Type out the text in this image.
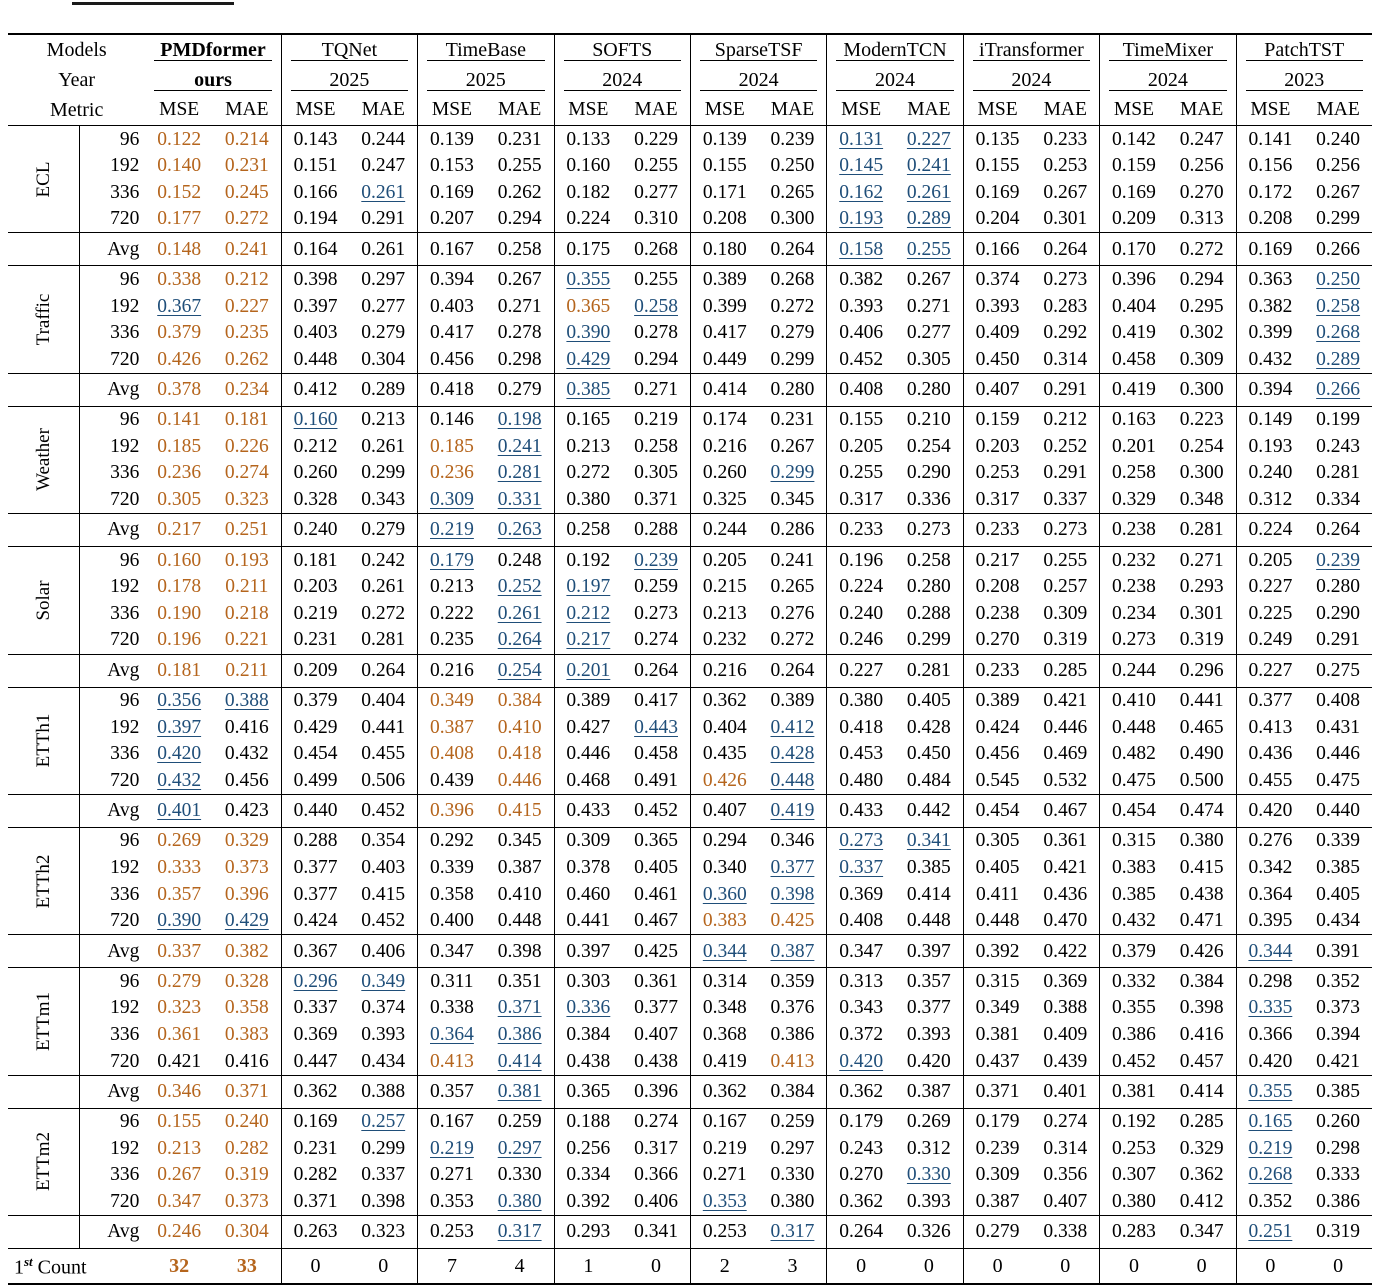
Models		PMDformer		TQNet		TimeBase		SOFTS		SparseTSF		ModernTCN		iTransformer		TimeMixer		PatchTST	

Year		ours		2025		2025		2024		2024		2024		2024		2024		2023	

Metric		MSE	MAE	MSE	MAE	MSE	MAE	MSE	MAE	MSE	MAE	MSE	MAE	MSE	MAE	MSE	MAE	MSE	MAE

ECL	96	0.122	0.214	0.143	0.244	0.139	0.231	0.133	0.229	0.139	0.239	0.131	0.227	0.135	0.233	0.142	0.247	0.141	0.240
	192	0.140	0.231	0.151	0.247	0.153	0.255	0.160	0.255	0.155	0.250	0.145	0.241	0.155	0.253	0.159	0.256	0.156	0.256
	336	0.152	0.245	0.166	0.261	0.169	0.262	0.182	0.277	0.171	0.265	0.162	0.261	0.169	0.267	0.169	0.270	0.172	0.267
	720	0.177	0.272	0.194	0.291	0.207	0.294	0.224	0.310	0.208	0.300	0.193	0.289	0.204	0.301	0.209	0.313	0.208	0.299

	Avg	0.148	0.241	0.164	0.261	0.167	0.258	0.175	0.268	0.180	0.264	0.158	0.255	0.166	0.264	0.170	0.272	0.169	0.266

Traffic	96	0.338	0.212	0.398	0.297	0.394	0.267	0.355	0.255	0.389	0.268	0.382	0.267	0.374	0.273	0.396	0.294	0.363	0.250
	192	0.367	0.227	0.397	0.277	0.403	0.271	0.365	0.258	0.399	0.272	0.393	0.271	0.393	0.283	0.404	0.295	0.382	0.258
	336	0.379	0.235	0.403	0.279	0.417	0.278	0.390	0.278	0.417	0.279	0.406	0.277	0.409	0.292	0.419	0.302	0.399	0.268
	720	0.426	0.262	0.448	0.304	0.456	0.298	0.429	0.294	0.449	0.299	0.452	0.305	0.450	0.314	0.458	0.309	0.432	0.289

	Avg	0.378	0.234	0.412	0.289	0.418	0.279	0.385	0.271	0.414	0.280	0.408	0.280	0.407	0.291	0.419	0.300	0.394	0.266

Weather	96	0.141	0.181	0.160	0.213	0.146	0.198	0.165	0.219	0.174	0.231	0.155	0.210	0.159	0.212	0.163	0.223	0.149	0.199
	192	0.185	0.226	0.212	0.261	0.185	0.241	0.213	0.258	0.216	0.267	0.205	0.254	0.203	0.252	0.201	0.254	0.193	0.243
	336	0.236	0.274	0.260	0.299	0.236	0.281	0.272	0.305	0.260	0.299	0.255	0.290	0.253	0.291	0.258	0.300	0.240	0.281
	720	0.305	0.323	0.328	0.343	0.309	0.331	0.380	0.371	0.325	0.345	0.317	0.336	0.317	0.337	0.329	0.348	0.312	0.334

	Avg	0.217	0.251	0.240	0.279	0.219	0.263	0.258	0.288	0.244	0.286	0.233	0.273	0.233	0.273	0.238	0.281	0.224	0.264

Solar	96	0.160	0.193	0.181	0.242	0.179	0.248	0.192	0.239	0.205	0.241	0.196	0.258	0.217	0.255	0.232	0.271	0.205	0.239
	192	0.178	0.211	0.203	0.261	0.213	0.252	0.197	0.259	0.215	0.265	0.224	0.280	0.208	0.257	0.238	0.293	0.227	0.280
	336	0.190	0.218	0.219	0.272	0.222	0.261	0.212	0.273	0.213	0.276	0.240	0.288	0.238	0.309	0.234	0.301	0.225	0.290
	720	0.196	0.221	0.231	0.281	0.235	0.264	0.217	0.274	0.232	0.272	0.246	0.299	0.270	0.319	0.273	0.319	0.249	0.291

	Avg	0.181	0.211	0.209	0.264	0.216	0.254	0.201	0.264	0.216	0.264	0.227	0.281	0.233	0.285	0.244	0.296	0.227	0.275

ETTh1	96	0.356	0.388	0.379	0.404	0.349	0.384	0.389	0.417	0.362	0.389	0.380	0.405	0.389	0.421	0.410	0.441	0.377	0.408
	192	0.397	0.416	0.429	0.441	0.387	0.410	0.427	0.443	0.404	0.412	0.418	0.428	0.424	0.446	0.448	0.465	0.413	0.431
	336	0.420	0.432	0.454	0.455	0.408	0.418	0.446	0.458	0.435	0.428	0.453	0.450	0.456	0.469	0.482	0.490	0.436	0.446
	720	0.432	0.456	0.499	0.506	0.439	0.446	0.468	0.491	0.426	0.448	0.480	0.484	0.545	0.532	0.475	0.500	0.455	0.475

	Avg	0.401	0.423	0.440	0.452	0.396	0.415	0.433	0.452	0.407	0.419	0.433	0.442	0.454	0.467	0.454	0.474	0.420	0.440

ETTh2	96	0.269	0.329	0.288	0.354	0.292	0.345	0.309	0.365	0.294	0.346	0.273	0.341	0.305	0.361	0.315	0.380	0.276	0.339
	192	0.333	0.373	0.377	0.403	0.339	0.387	0.378	0.405	0.340	0.377	0.337	0.385	0.405	0.421	0.383	0.415	0.342	0.385
	336	0.357	0.396	0.377	0.415	0.358	0.410	0.460	0.461	0.360	0.398	0.369	0.414	0.411	0.436	0.385	0.438	0.364	0.405
	720	0.390	0.429	0.424	0.452	0.400	0.448	0.441	0.467	0.383	0.425	0.408	0.448	0.448	0.470	0.432	0.471	0.395	0.434

	Avg	0.337	0.382	0.367	0.406	0.347	0.398	0.397	0.425	0.344	0.387	0.347	0.397	0.392	0.422	0.379	0.426	0.344	0.391

ETTm1	96	0.279	0.328	0.296	0.349	0.311	0.351	0.303	0.361	0.314	0.359	0.313	0.357	0.315	0.369	0.332	0.384	0.298	0.352
	192	0.323	0.358	0.337	0.374	0.338	0.371	0.336	0.377	0.348	0.376	0.343	0.377	0.349	0.388	0.355	0.398	0.335	0.373
	336	0.361	0.383	0.369	0.393	0.364	0.386	0.384	0.407	0.368	0.386	0.372	0.393	0.381	0.409	0.386	0.416	0.366	0.394
	720	0.421	0.416	0.447	0.434	0.413	0.414	0.438	0.438	0.419	0.413	0.420	0.420	0.437	0.439	0.452	0.457	0.420	0.421

	Avg	0.346	0.371	0.362	0.388	0.357	0.381	0.365	0.396	0.362	0.384	0.362	0.387	0.371	0.401	0.381	0.414	0.355	0.385

ETTm2	96	0.155	0.240	0.169	0.257	0.167	0.259	0.188	0.274	0.167	0.259	0.179	0.269	0.179	0.274	0.192	0.285	0.165	0.260
	192	0.213	0.282	0.231	0.299	0.219	0.297	0.256	0.317	0.219	0.297	0.243	0.312	0.239	0.314	0.253	0.329	0.219	0.298
	336	0.267	0.319	0.282	0.337	0.271	0.330	0.334	0.366	0.271	0.330	0.270	0.330	0.309	0.356	0.307	0.362	0.268	0.333
	720	0.347	0.373	0.371	0.398	0.353	0.380	0.392	0.406	0.353	0.380	0.362	0.393	0.387	0.407	0.380	0.412	0.352	0.386

	Avg	0.246	0.304	0.263	0.323	0.253	0.317	0.293	0.341	0.253	0.317	0.264	0.326	0.279	0.338	0.283	0.347	0.251	0.319

1st Count		32	33	0	0	7	4	1	0	2	3	0	0	0	0	0	0	0	0
